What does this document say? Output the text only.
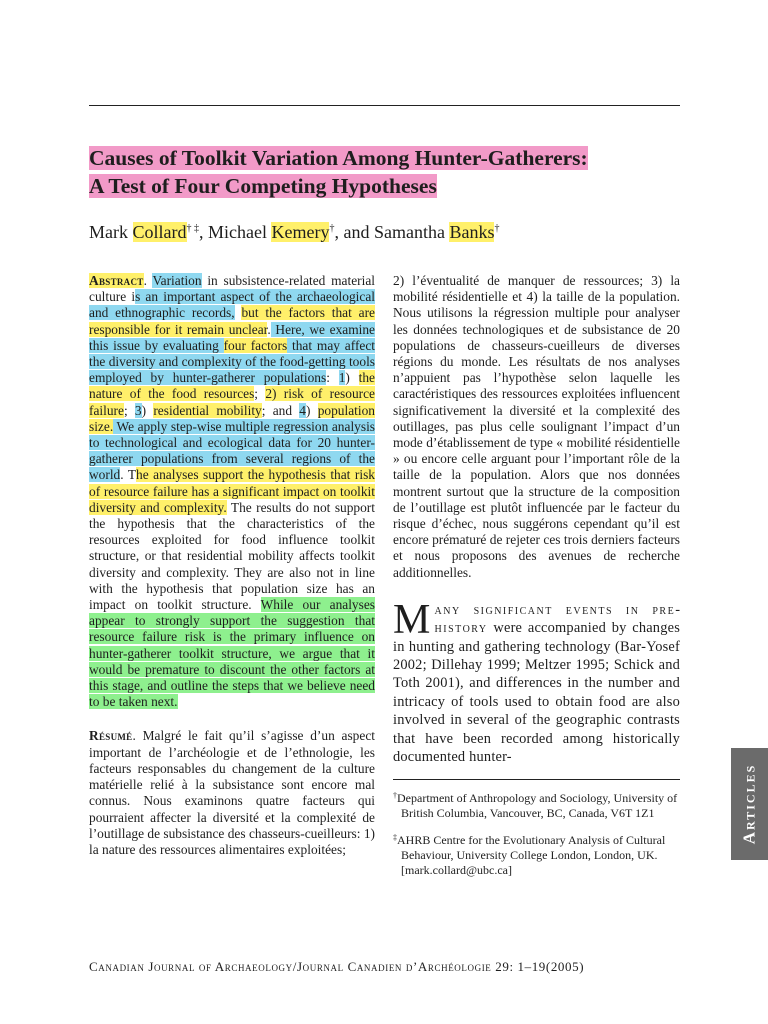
Causes of Toolkit Variation Among Hunter-Gatherers:
A Test of Four Competing Hypotheses
Mark Collard† ‡, Michael Kemery†, and Samantha Banks†

Abstract. Variation in subsistence-related material culture is an important aspect of the archaeological and ethnographic records, but the factors that are responsible for it remain unclear. Here, we examine this issue by evaluating four factors that may affect the diversity and complexity of the food-getting tools employed by hunter-gatherer populations: 1) the nature of the food resources; 2) risk of resource failure; 3) residential mobility; and 4) population size. We apply step-wise multiple regression analysis to technological and ecological data for 20 hunter-gatherer populations from several regions of the world. The analyses support the hypothesis that risk of resource failure has a significant impact on toolkit diversity and complexity. The results do not support the hypothesis that the characteristics of the resources exploited for food influence toolkit structure, or that residential mobility affects toolkit diversity and complexity. They are also not in line with the hypothesis that population size has an impact on toolkit structure. While our analyses appear to strongly support the suggestion that resource failure risk is the primary influence on hunter-gatherer toolkit structure, we argue that it would be premature to discount the other factors at this stage, and outline the steps that we believe need to be taken next.

Résumé. Malgré le fait qu’il s’agisse d’un aspect important de l’archéologie et de l’ethnologie, les facteurs responsables du changement de la culture matérielle relié à la subsistance sont encore mal connus. Nous examinons quatre facteurs qui pourraient affecter la diversité et la complexité de l’outillage de subsistance des chasseurs-cueilleurs: 1) la nature des ressources alimentaires exploitées;

2) l’éventualité de manquer de ressources; 3) la mobilité résidentielle et 4) la taille de la population. Nous utilisons la régression multiple pour analyser les données technologiques et de subsistance de 20 populations de chasseurs-cueilleurs de diverses régions du monde. Les résultats de nos analyses n’appuient pas l’hypothèse selon laquelle les caractéristiques des ressources exploitées influencent significativement la diversité et la complexité des outillages, pas plus celle soulignant l’impact d’un mode d’établissement de type « mobilité résidentielle » ou encore celle arguant pour l’important rôle de la taille de la population. Alors que nos données montrent surtout que la structure de la composition de l’outillage est plutôt influencée par le facteur du risque d’échec, nous suggérons cependant qu’il est encore prématuré de rejeter ces trois derniers facteurs et nous proposons des avenues de recherche additionnelles.

Many significant events in prehistory were accompanied by changes in hunting and gathering technology (Bar-Yosef 2002; Dillehay 1999; Meltzer 1995; Schick and Toth 2001), and differences in the number and intricacy of tools used to obtain food are also involved in several of the geographic contrasts that have been recorded among historically documented hunter-

†Department of Anthropology and Sociology, University of British Columbia, Vancouver, BC, Canada, V6T 1Z1

‡AHRB Centre for the Evolutionary Analysis of Cultural Behaviour, University College London, London, UK. [mark.collard@ubc.ca]

Canadian Journal of Archaeology/Journal Canadien d’Archéologie 29: 1–19(2005)
Articles
